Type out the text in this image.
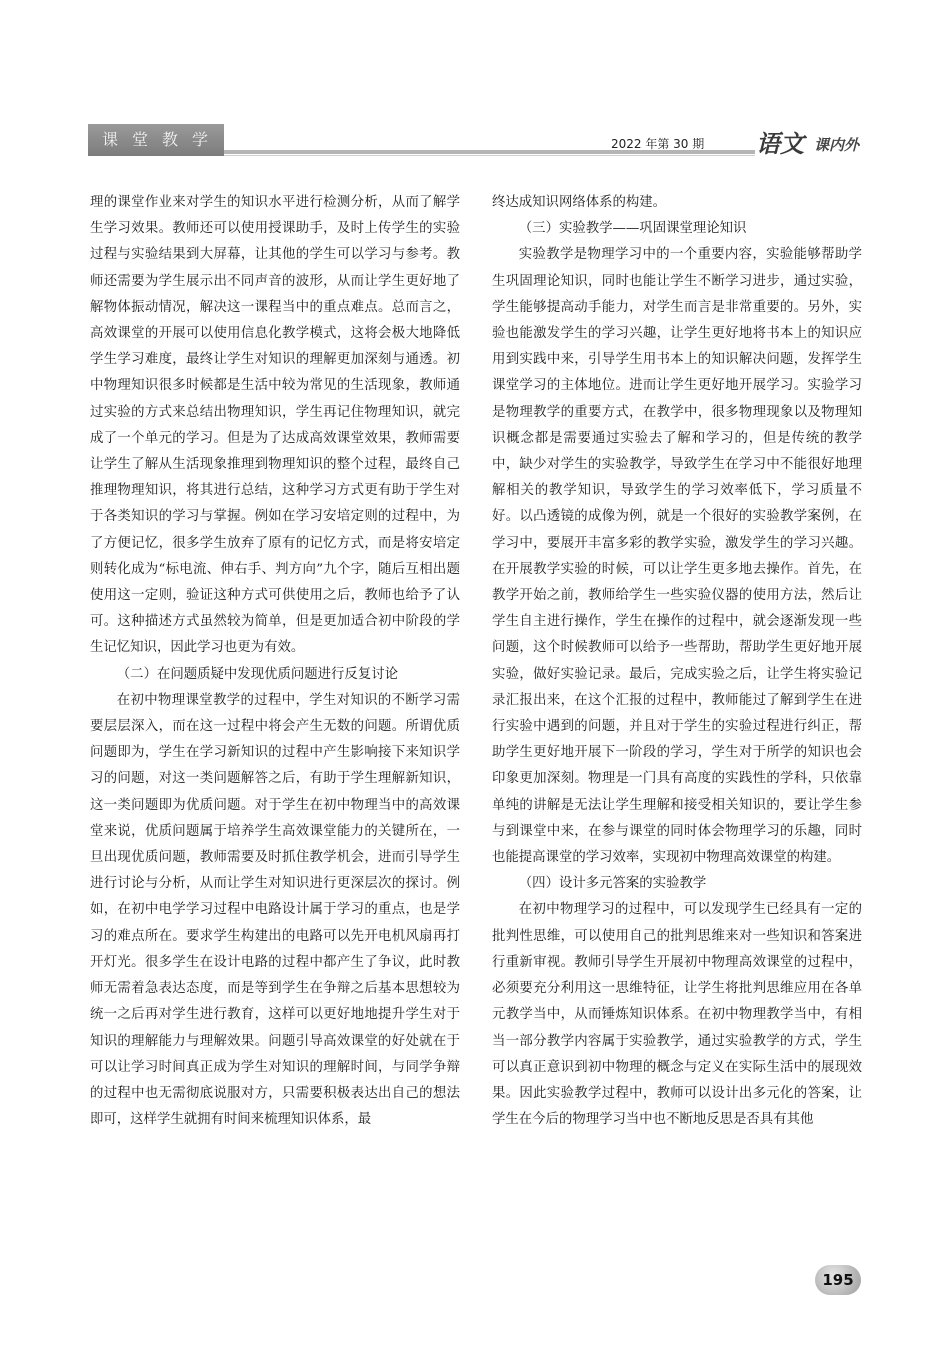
课堂教学	2022 年第 30 期 语文 课内外

理的课堂作业来对学生的知识水平进行检测分析，从而了解学生学习效果。教师还可以使用授课助手，及时上传学生的实验过程与实验结果到大屏幕，让其他的学生可以学习与参考。教师还需要为学生展示出不同声音的波形，从而让学生更好地了解物体振动情况，解决这一课程当中的重点难点。总而言之，高效课堂的开展可以使用信息化教学模式，这将会极大地降低学生学习难度，最终让学生对知识的理解更加深刻与通透。初中物理知识很多时候都是生活中较为常见的生活现象，教师通过实验的方式来总结出物理知识，学生再记住物理知识，就完成了一个单元的学习。但是为了达成高效课堂效果，教师需要让学生了解从生活现象推理到物理知识的整个过程，最终自己推理物理知识，将其进行总结，这种学习方式更有助于学生对于各类知识的学习与掌握。例如在学习安培定则的过程中，为了方便记忆，很多学生放弃了原有的记忆方式，而是将安培定则转化成为“标电流、伸右手、判方向”九个字，随后互相出题使用这一定则，验证这种方式可供使用之后，教师也给予了认可。这种描述方式虽然较为简单，但是更加适合初中阶段的学生记忆知识，因此学习也更为有效。

（二）在问题质疑中发现优质问题进行反复讨论

在初中物理课堂教学的过程中，学生对知识的不断学习需要层层深入，而在这一过程中将会产生无数的问题。所谓优质问题即为，学生在学习新知识的过程中产生影响接下来知识学习的问题，对这一类问题解答之后，有助于学生理解新知识，这一类问题即为优质问题。对于学生在初中物理当中的高效课堂来说，优质问题属于培养学生高效课堂能力的关键所在，一旦出现优质问题，教师需要及时抓住教学机会，进而引导学生进行讨论与分析，从而让学生对知识进行更深层次的探讨。例如，在初中电学学习过程中电路设计属于学习的重点，也是学习的难点所在。要求学生构建出的电路可以先开电机风扇再打开灯光。很多学生在设计电路的过程中都产生了争议，此时教师无需着急表达态度，而是等到学生在争辩之后基本思想较为统一之后再对学生进行教育，这样可以更好地地提升学生对于知识的理解能力与理解效果。问题引导高效课堂的好处就在于可以让学习时间真正成为学生对知识的理解时间，与同学争辩的过程中也无需彻底说服对方，只需要积极表达出自己的想法即可，这样学生就拥有时间来梳理知识体系，最

终达成知识网络体系的构建。

（三）实验教学——巩固课堂理论知识

实验教学是物理学习中的一个重要内容，实验能够帮助学生巩固理论知识，同时也能让学生不断学习进步，通过实验，学生能够提高动手能力，对学生而言是非常重要的。另外，实验也能激发学生的学习兴趣，让学生更好地将书本上的知识应用到实践中来，引导学生用书本上的知识解决问题，发挥学生课堂学习的主体地位。进而让学生更好地开展学习。实验学习是物理教学的重要方式，在教学中，很多物理现象以及物理知识概念都是需要通过实验去了解和学习的，但是传统的教学中，缺少对学生的实验教学，导致学生在学习中不能很好地理解相关的教学知识，导致学生的学习效率低下，学习质量不好。以凸透镜的成像为例，就是一个很好的实验教学案例，在学习中，要展开丰富多彩的教学实验，激发学生的学习兴趣。在开展教学实验的时候，可以让学生更多地去操作。首先，在教学开始之前，教师给学生一些实验仪器的使用方法，然后让学生自主进行操作，学生在操作的过程中，就会逐渐发现一些问题，这个时候教师可以给予一些帮助，帮助学生更好地开展实验，做好实验记录。最后，完成实验之后，让学生将实验记录汇报出来，在这个汇报的过程中，教师能过了解到学生在进行实验中遇到的问题，并且对于学生的实验过程进行纠正，帮助学生更好地开展下一阶段的学习，学生对于所学的知识也会印象更加深刻。物理是一门具有高度的实践性的学科，只依靠单纯的讲解是无法让学生理解和接受相关知识的，要让学生参与到课堂中来，在参与课堂的同时体会物理学习的乐趣，同时也能提高课堂的学习效率，实现初中物理高效课堂的构建。

（四）设计多元答案的实验教学

在初中物理学习的过程中，可以发现学生已经具有一定的批判性思维，可以使用自己的批判思维来对一些知识和答案进行重新审视。教师引导学生开展初中物理高效课堂的过程中，必须要充分利用这一思维特征，让学生将批判思维应用在各单元教学当中，从而锤炼知识体系。在初中物理教学当中，有相当一部分教学内容属于实验教学，通过实验教学的方式，学生可以真正意识到初中物理的概念与定义在实际生活中的展现效果。因此实验教学过程中，教师可以设计出多元化的答案，让学生在今后的物理学习当中也不断地反思是否具有其他

195
